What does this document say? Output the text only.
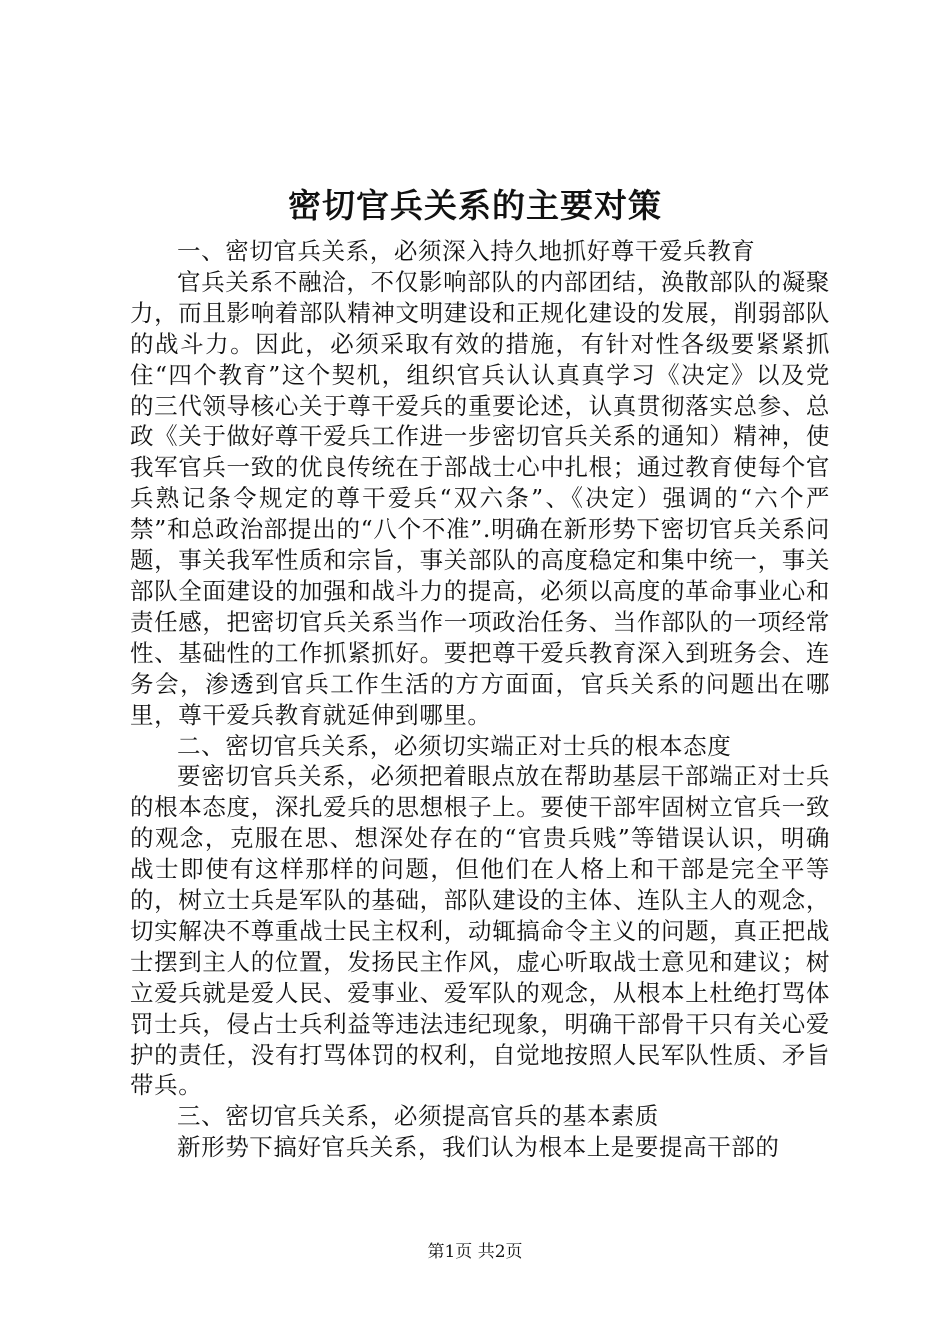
密切官兵关系的主要对策

一、密切官兵关系，必须深入持久地抓好尊干爱兵教育

官兵关系不融洽，不仅影响部队的内部团结，涣散部队的凝聚力，而且影响着部队精神文明建设和正规化建设的发展，削弱部队的战斗力。因此，必须采取有效的措施，有针对性各级要紧紧抓住“四个教育”这个契机，组织官兵认认真真学习《决定》以及党的三代领导核心关于尊干爱兵的重要论述，认真贯彻落实总参、总政《关于做好尊干爱兵工作进一步密切官兵关系的通知）精神，使我军官兵一致的优良传统在于部战士心中扎根；通过教育使每个官兵熟记条令规定的尊干爱兵“双六条”、《决定）强调的“六个严禁”和总政治部提出的“八个不准”.明确在新形势下密切官兵关系问题，事关我军性质和宗旨，事关部队的高度稳定和集中统一，事关部队全面建设的加强和战斗力的提高，必须以高度的革命事业心和责任感，把密切官兵关系当作一项政治任务、当作部队的一项经常性、基础性的工作抓紧抓好。要把尊干爱兵教育深入到班务会、连务会，渗透到官兵工作生活的方方面面，官兵关系的问题出在哪里，尊干爱兵教育就延伸到哪里。

二、密切官兵关系，必须切实端正对士兵的根本态度

要密切官兵关系，必须把着眼点放在帮助基层干部端正对士兵的根本态度，深扎爱兵的思想根子上。要使干部牢固树立官兵一致的观念，克服在思、想深处存在的“官贵兵贱”等错误认识，明确战士即使有这样那样的问题，但他们在人格上和干部是完全平等的，树立士兵是军队的基础，部队建设的主体、连队主人的观念，切实解决不尊重战士民主权利，动辄搞命令主义的问题，真正把战士摆到主人的位置，发扬民主作风，虚心听取战士意见和建议；树立爱兵就是爱人民、爱事业、爱军队的观念，从根本上杜绝打骂体罚士兵，侵占士兵利益等违法违纪现象，明确干部骨干只有关心爱护的责任，没有打骂体罚的权利，自觉地按照人民军队性质、矛旨带兵。

三、密切官兵关系，必须提高官兵的基本素质

新形势下搞好官兵关系，我们认为根本上是要提高干部的

第1页 共2页
